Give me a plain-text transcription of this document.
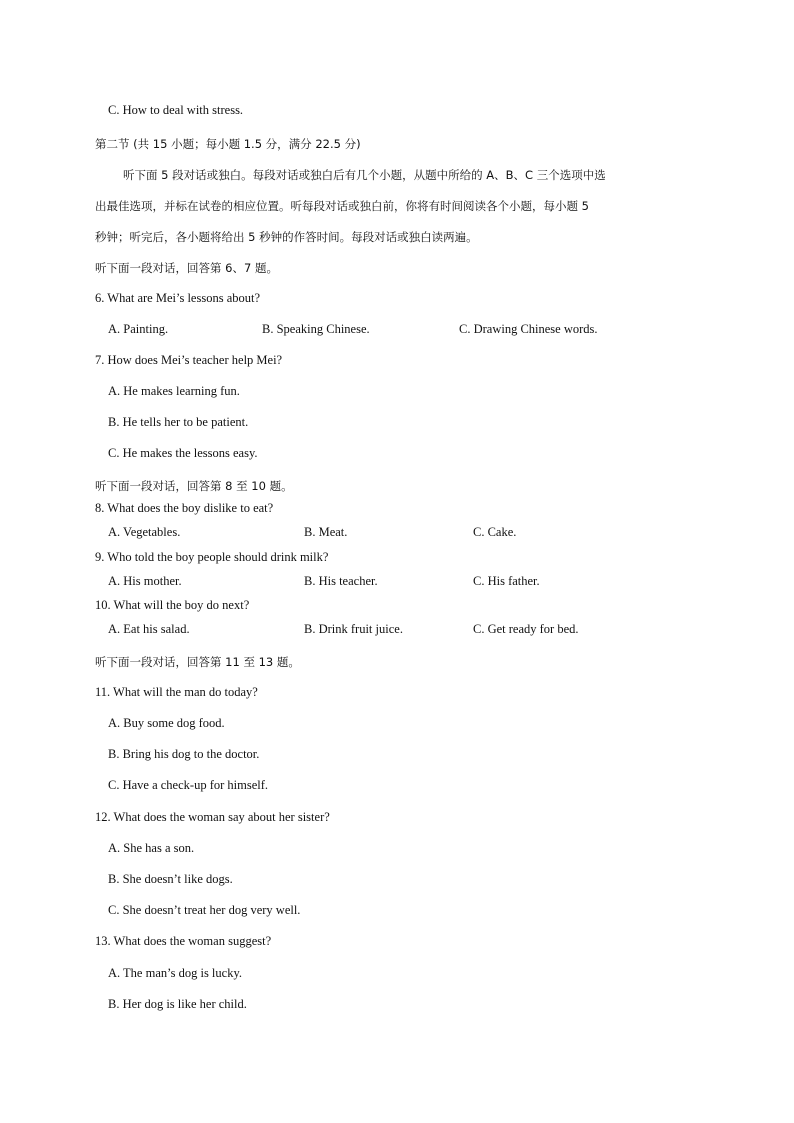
C. How to deal with stress.
第二节 (共 15 小题；每小题 1.5 分，满分 22.5 分)
听下面 5 段对话或独白。每段对话或独白后有几个小题，从题中所给的 A、B、C 三个选项中选
出最佳选项，并标在试卷的相应位置。听每段对话或独白前，你将有时间阅读各个小题，每小题 5
秒钟；听完后，各小题将给出 5 秒钟的作答时间。每段对话或独白读两遍。
听下面一段对话，回答第 6、7 题。
6. What are Mei’s lessons about?
A. Painting.	B. Speaking Chinese.	C. Drawing Chinese words.
7. How does Mei’s teacher help Mei?
A. He makes learning fun.
B. He tells her to be patient.
C. He makes the lessons easy.
听下面一段对话，回答第 8 至 10 题。
8. What does the boy dislike to eat?
A. Vegetables.	B. Meat.	C. Cake.
9. Who told the boy people should drink milk?
A. His mother.	B. His teacher.	C. His father.
10. What will the boy do next?
A. Eat his salad.	B. Drink fruit juice.	C. Get ready for bed.
听下面一段对话，回答第 11 至 13 题。
11. What will the man do today?
A. Buy some dog food.
B. Bring his dog to the doctor.
C. Have a check-up for himself.
12. What does the woman say about her sister?
A. She has a son.
B. She doesn’t like dogs.
C. She doesn’t treat her dog very well.
13. What does the woman suggest?
A. The man’s dog is lucky.
B. Her dog is like her child.
